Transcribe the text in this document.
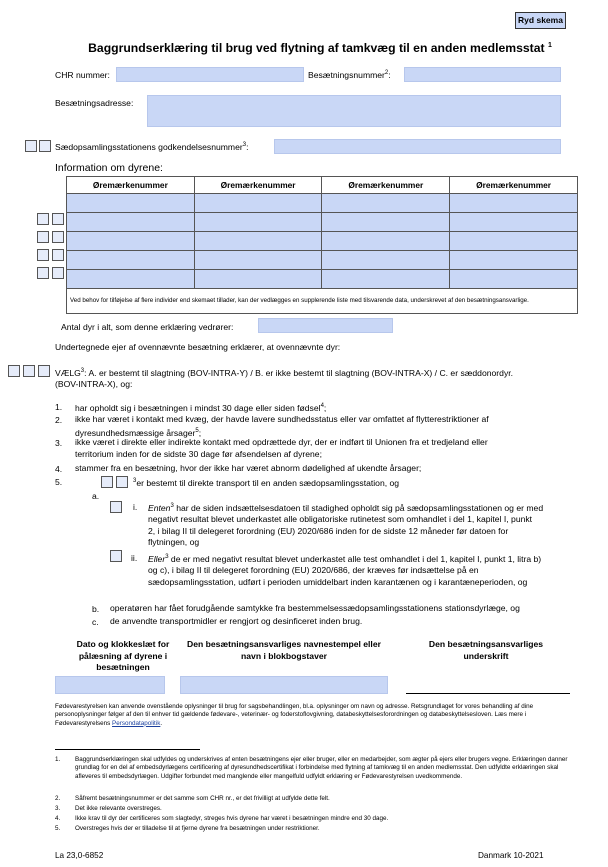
Ryd skema
Baggrundserklæring til brug ved flytning af tamkvæg til en anden medlemsstat $^1$
CHR nummer:	Besætningsnummer$^2$:
Besætningsadresse:
Sædopsamlingsstationens godkendelsesnummer$^3$:
Information om dyrene:
Øremærkenummer	Øremærkenummer	Øremærkenummer	Øremærkenummer

Ved behov for tilføjelse af flere individer end skemaet tillader, kan der vedlægges en supplerende liste med tilsvarende data, underskrevet af den besætningsansvarlige.			
Antal dyr i alt, som denne erklæring vedrører:
Undertegnede ejer af ovennævnte besætning erklærer, at ovennævnte dyr:
VÆLG$^3$: A. er bestemt til slagtning (BOV-INTRA-Y) / B. er ikke bestemt til slagtning (BOV-INTRA-X) / C. er sæddonordyr.
(BOV-INTRA-X), og:
1. har opholdt sig i besætningen i mindst 30 dage eller siden fødsel$^4$;
2. ikke har været i kontakt med kvæg, der havde lavere sundhedsstatus eller var omfattet af flytterestriktioner af
dyresundhedsmæssige årsager$^5$;
3. ikke været i direkte eller indirekte kontakt med opdrættede dyr, der er indført til Unionen fra et tredjeland eller
territorium inden for de sidste 30 dage før afsendelsen af dyrene;
4. stammer fra en besætning, hvor der ikke har været abnorm dødelighed af ukendte årsager;
5.	$^3$er bestemt til direkte transport til en anden sædopsamlingsstation, og
a.
i. Enten$^3$ har de siden indsættelsesdatoen til stadighed opholdt sig på sædopsamlingsstationen og er med
negativt resultat blevet underkastet alle obligatoriske rutinetest som omhandlet i del 1, kapitel I, punkt
2, i bilag II til delegeret forordning (EU) 2020/686 inden for de sidste 12 måneder før datoen for
flytningen, og
ii. Eller$^3$ de er med negativt resultat blevet underkastet alle test omhandlet i del 1, kapitel I, punkt 1, litra b)
og c), i bilag II til delegeret forordning (EU) 2020/686, der kræves før indsættelse på en
sædopsamlingsstation, udført i perioden umiddelbart inden karantænen og i karantæneperioden, og
b. operatøren har fået forudgående samtykke fra bestemmelsessædopsamlingsstationens stationsdyrlæge, og
c. de anvendte transportmidler er rengjort og desinficeret inden brug.
Dato og klokkeslæt for pålæsning af dyrene i besætningen
Den besætningsansvarliges navnestempel eller navn i blokbogstaver
Den besætningsansvarliges underskrift
Fødevarestyrelsen kan anvende ovenstående oplysninger til brug for sagsbehandlingen, bl.a. oplysninger om navn og adresse. Retsgrundlaget for vores behandling af dine personoplysninger følger af den til enhver tid gældende fødevare-, veterinær- og foderstoflovgivning, databeskyttelsesforordningen og databeskyttelsesloven. Læs mere i Fødevarestyrelsens Persondatapolitik.
1. Baggrundserklæringen skal udfyldes og underskrives af enten besætningens ejer eller bruger, eller en medarbejder, som ægter på ejers eller brugers vegne. Erklæringen danner grundlag for en del af embedsdyrlægens certificering af dyresundhedscertifikat i forbindelse med flytning af tamkvæg til en anden medlemsstat. Den udfyldte erklæringen skal afleveres til embedsdyrlægen. Udgifter forbundet med manglende eller mangelfuld udfyldt erklæring er Fødevarestyrelsen uvedkommende.
2. Såfremt besætningsnummer er det samme som CHR nr., er det frivilligt at udfylde dette felt.
3. Det ikke relevante overstreges.
4. Ikke krav til dyr der certificeres som slagtedyr, streges hvis dyrene har været i besætningen mindre end 30 dage.
5. Overstreges hvis der er tilladelse til at fjerne dyrene fra besætningen under restriktioner.
La 23,0-6852	Danmark 10-2021
